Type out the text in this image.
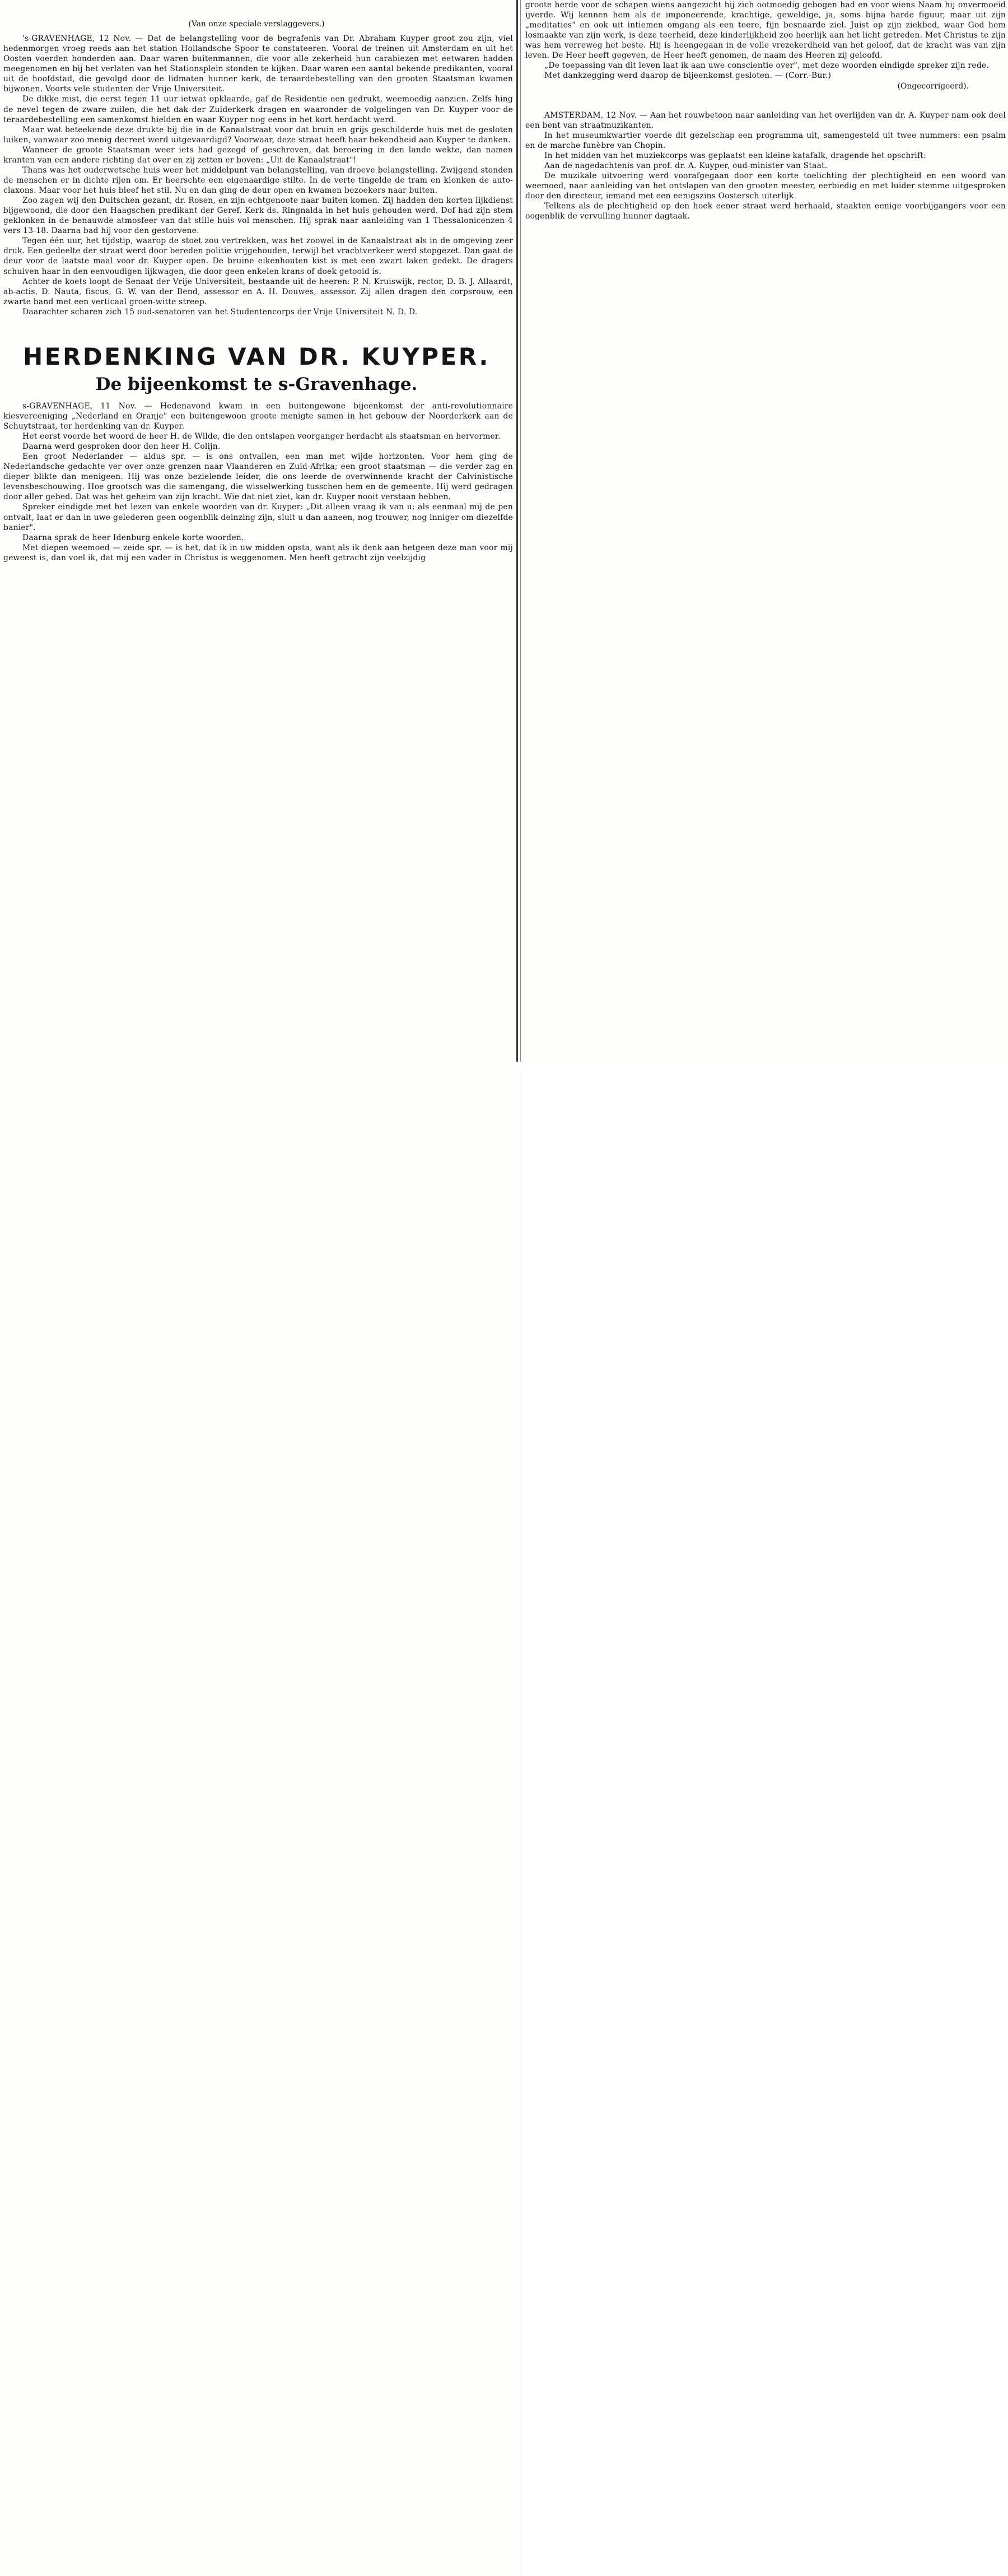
(Van onze speciale verslaggevers.)

's-GRAVENHAGE, 12 Nov. — Dat de belangstelling voor de begrafenis van Dr. Abraham Kuyper groot zou zijn, viel hedenmorgen vroeg reeds aan het station Hollandsche Spoor te constateeren. Vooral de treinen uit Amsterdam en uit het Oosten voerden honderden aan. Daar waren buitenmannen, die voor alle zekerheid hun carabiezen met eetwaren hadden meegenomen en bij het verlaten van het Stationsplein stonden te kijken. Daar waren een aantal bekende predikanten, vooral uit de hoofdstad, die gevolgd door de lidmaten hunner kerk, de teraardebestelling van den grooten Staatsman kwamen bijwonen. Voorts vele studenten der Vrije Universiteit.

De dikke mist, die eerst tegen 11 uur ietwat opklaarde, gaf de Residentie een gedrukt, weemoedig aanzien. Zelfs hing de nevel tegen de zware zuilen, die het dak der Zuiderkerk dragen en waaronder de volgelingen van Dr. Kuyper voor de teraardebestelling een samenkomst hielden en waar Kuyper nog eens in het kort herdacht werd.

Maar wat beteekende deze drukte bij die in de Kanaalstraat voor dat bruin en grijs geschilderde huis met de gesloten luiken, vanwaar zoo menig decreet werd uitgevaardigd? Voorwaar, deze straat heeft haar bekendheid aan Kuyper te danken.

Wanneer de groote Staatsman weer iets had gezegd of geschreven, dat beroering in den lande wekte, dan namen kranten van een andere richting dat over en zij zetten er boven: „Uit de Kanaalstraat"!

Thans was het ouderwetsche huis weer het middelpunt van belangstelling, van droeve belangstelling. Zwijgend stonden de menschen er in dichte rijen om. Er heerschte een eigenaardige stilte. In de verte tingelde de tram en klonken de auto-claxons. Maar voor het huis bleef het stil. Nu en dan ging de deur open en kwamen bezoekers naar buiten.

Zoo zagen wij den Duitschen gezant, dr. Rosen, en zijn echtgenoote naar buiten komen. Zij hadden den korten lijkdienst bijgewoond, die door den Haagschen predikant der Geref. Kerk ds. Ringnalda in het huis gehouden werd. Dof had zijn stem geklonken in de benauwde atmosfeer van dat stille huis vol menschen. Hij sprak naar aanleiding van 1 Thessalonicenzen 4 vers 13-18. Daarna bad hij voor den gestorvene.

Tegen één uur, het tijdstip, waarop de stoet zou vertrekken, was het zoowel in de Kanaalstraat als in de omgeving zeer druk. Een gedeelte der straat werd door bereden politie vrijgehouden, terwijl het vrachtverkeer werd stopgezet. Dan gaat de deur voor de laatste maal voor dr. Kuyper open. De bruine eikenhouten kist is met een zwart laken gedekt. De dragers schuiven haar in den eenvoudigen lijkwagen, die door geen enkelen krans of doek getooid is.

Achter de koets loopt de Senaat der Vrije Universiteit, bestaande uit de heeren: P. N. Kruiswijk, rector, D. B. J. Allaardt, ab-actis, D. Nauta, fiscus, G. W. van der Bend, assessor en A. H. Douwes, assessor. Zij allen dragen den corpsrouw, een zwarte band met een verticaal groen-witte streep.

Daarachter scharen zich 15 oud-senatoren van het Studentencorps der Vrije Universiteit N. D. D.

HERDENKING VAN DR. KUYPER.
De bijeenkomst te s-Gravenhage.

s-GRAVENHAGE, 11 Nov. — Hedenavond kwam in een buitengewone bijeenkomst der anti-revolutionnaire kiesvereeniging „Nederland en Oranje" een buitengewoon groote menigte samen in het gebouw der Noorderkerk aan de Schuytstraat, ter herdenking van dr. Kuyper.

Het eerst voerde het woord de heer H. de Wilde, die den ontslapen voorganger herdacht als staatsman en hervormer.

Daarna werd gesproken door den heer H. Colijn.

Een groot Nederlander — aldus spr. — is ons ontvallen, een man met wijde horizonten. Voor hem ging de Nederlandsche gedachte ver over onze grenzen naar Vlaanderen en Zuid-Afrika; een groot staatsman — die verder zag en dieper blikte dan menigeen. Hij was onze bezielende leider, die ons leerde de overwinnende kracht der Calvinistische levensbeschouwing. Hoe grootsch was die samengang, die wisselwerking tusschen hem en de gemeente. Hij werd gedragen door aller gebed. Dat was het geheim van zijn kracht. Wie dat niet ziet, kan dr. Kuyper nooit verstaan hebben.

Spreker eindigde met het lezen van enkele woorden van dr. Kuyper: „Dit alleen vraag ik van u: als eenmaal mij de pen ontvalt, laat er dan in uwe gelederen geen oogenblik deinzing zijn, sluit u dan aaneen, nog trouwer, nog inniger om diezelfde banier".

Daarna sprak de heer Idenburg enkele korte woorden.

Met diepen weemoed — zeide spr. — is het, dat ik in uw midden opsta, want als ik denk aan hetgeen deze man voor mij geweest is, dan voel ik, dat mij een vader in Christus is weggenomen. Men heeft getracht zijn veelzijdig

groote herde voor de schapen wiens aangezicht hij zich ootmoedig gebogen had en voor wiens Naam hij onvermoeid ijverde. Wij kennen hem als de imponeerende, krachtige, geweldige, ja, soms bijna harde figuur, maar uit zijn „meditaties" en ook uit intiemen omgang als een teere, fijn besnaarde ziel. Juist op zijn ziekbed, waar God hem losmaakte van zijn werk, is deze teerheid, deze kinderlijkheid zoo heerlijk aan het licht getreden. Met Christus te zijn was hem verreweg het beste. Hij is heengegaan in de volle vrezekerdheid van het geloof, dat de kracht was van zijn leven. De Heer heeft gegeven, de Heer heeft genomen, de naam des Heeren zij geloofd.

„De toepassing van dit leven laat ik aan uwe conscientie over", met deze woorden eindigde spreker zijn rede.

Met dankzegging werd daarop de bijeenkomst gesloten. — (Corr.-Bur.)

(Ongecorrigeerd).

AMSTERDAM, 12 Nov. — Aan het rouwbetoon naar aanleiding van het overlijden van dr. A. Kuyper nam ook deel een bent van straatmuzikanten.

In het museumkwartier voerde dit gezelschap een programma uit, samengesteld uit twee nummers: een psalm en de marche funèbre van Chopin.

In het midden van het muziekcorps was geplaatst een kleine katafalk, dragende het opschrift:

Aan de nagedachtenis van prof. dr. A. Kuyper, oud-minister van Staat.

De muzikale uitvoering werd voorafgegaan door een korte toelichting der plechtigheid en een woord van weemoed, naar aanleiding van het ontslapen van den grooten meester, eerbiedig en met luider stemme uitgesproken door den directeur, iemand met een eenigszins Oostersch uiterlijk.

Telkens als de plechtigheid op den hoek eener straat werd herhaald, staakten eenige voorbijgangers voor een oogenblik de vervulling hunner dagtaak.
